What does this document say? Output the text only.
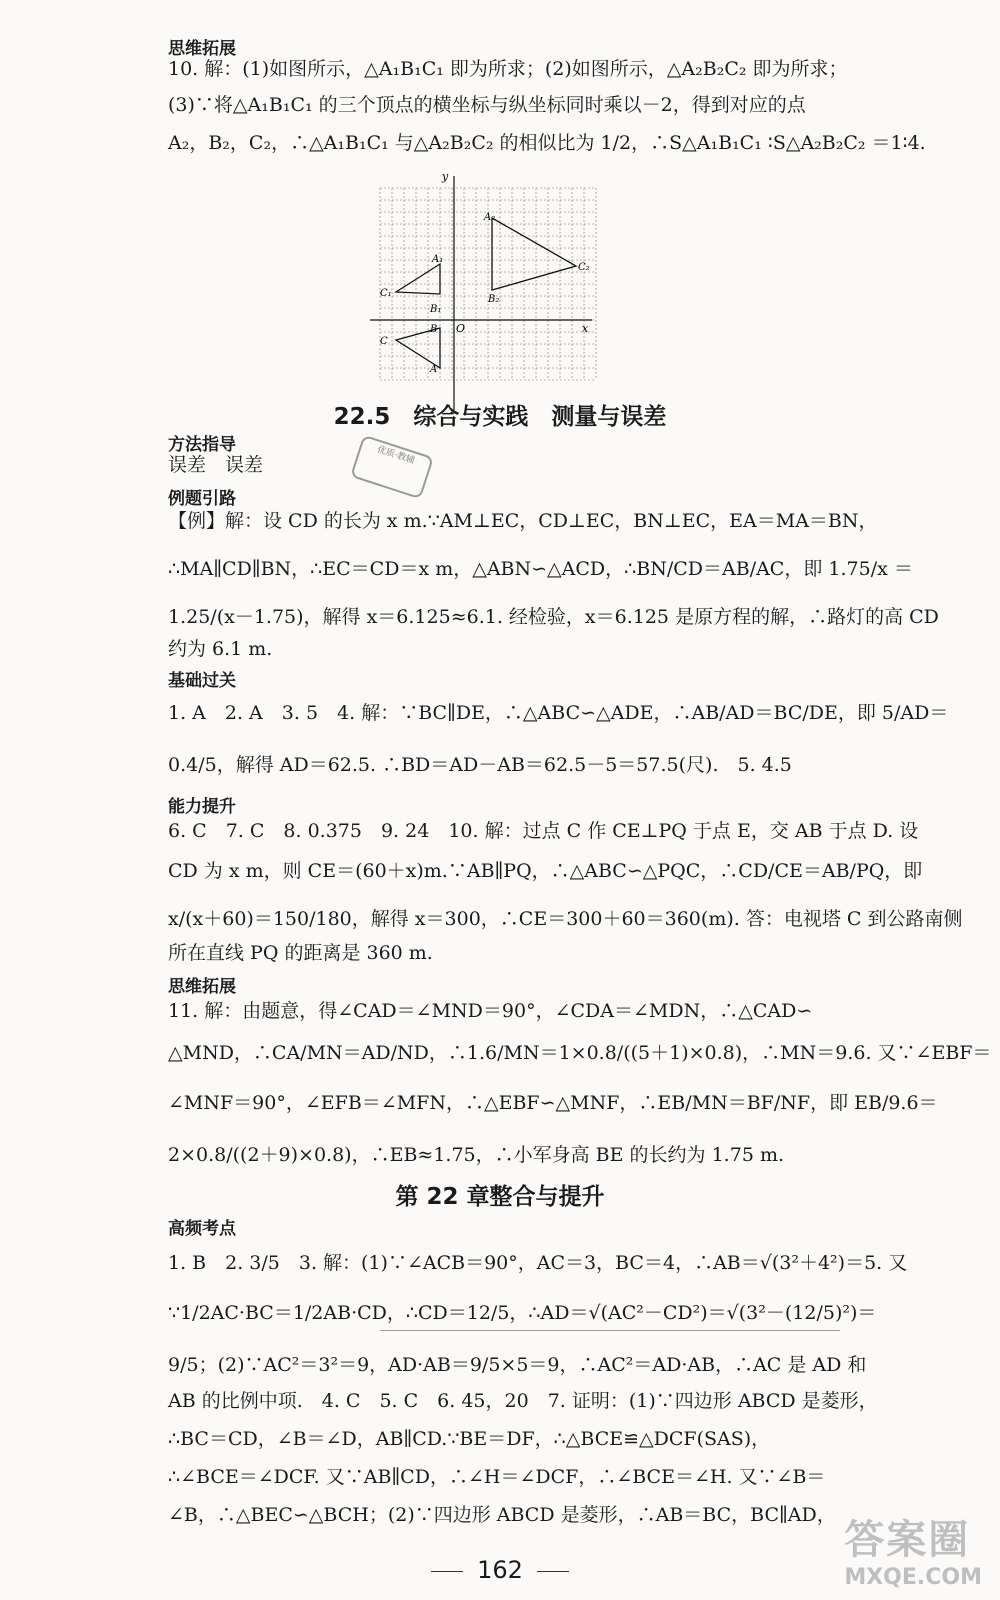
思维拓展
10. 解：(1)如图所示，△A₁B₁C₁ 即为所求；(2)如图所示，△A₂B₂C₂ 即为所求；
(3)∵将△A₁B₁C₁ 的三个顶点的横坐标与纵坐标同时乘以－2，得到对应的点
A₂，B₂，C₂，∴△A₁B₁C₁ 与△A₂B₂C₂ 的相似比为 1/2，∴S△A₁B₁C₁ ∶S△A₂B₂C₂ ＝1∶4.
y
x
O
A₁
B₁
C₁
A₂
B₂
C₂
B
C
A
22.5　综合与实践　测量与误差
方法指导
误差　误差	优质·教辅
例题引路
【例】解：设 CD 的长为 x m.∵AM⊥EC，CD⊥EC，BN⊥EC，EA＝MA＝BN，
∴MA∥CD∥BN，∴EC＝CD＝x m，△ABN∽△ACD，∴BN/CD＝AB/AC，即 1.75/x ＝
1.25/(x－1.75)，解得 x＝6.125≈6.1. 经检验，x＝6.125 是原方程的解，∴路灯的高 CD
约为 6.1 m.
基础过关
1. A　2. A　3. 5　4. 解：∵BC∥DE，∴△ABC∽△ADE，∴AB/AD＝BC/DE，即 5/AD＝
0.4/5，解得 AD＝62.5. ∴BD＝AD－AB＝62.5－5＝57.5(尺).　5. 4.5
能力提升
6. C　7. C　8. 0.375　9. 24　10. 解：过点 C 作 CE⊥PQ 于点 E，交 AB 于点 D. 设
CD 为 x m，则 CE＝(60＋x)m.∵AB∥PQ，∴△ABC∽△PQC，∴CD/CE＝AB/PQ，即
x/(x＋60)＝150/180，解得 x＝300，∴CE＝300＋60＝360(m). 答：电视塔 C 到公路南侧
所在直线 PQ 的距离是 360 m.
思维拓展
11. 解：由题意，得∠CAD＝∠MND＝90°，∠CDA＝∠MDN，∴△CAD∽
△MND，∴CA/MN＝AD/ND，∴1.6/MN＝1×0.8/((5＋1)×0.8)，∴MN＝9.6. 又∵∠EBF＝
∠MNF＝90°，∠EFB＝∠MFN，∴△EBF∽△MNF，∴EB/MN＝BF/NF，即 EB/9.6＝
2×0.8/((2＋9)×0.8)，∴EB≈1.75，∴小军身高 BE 的长约为 1.75 m.
第 22 章整合与提升
高频考点
1. B　2. 3/5　3. 解：(1)∵∠ACB＝90°，AC＝3，BC＝4，∴AB＝√(3²＋4²)＝5. 又
∵1/2AC·BC＝1/2AB·CD，∴CD＝12/5，∴AD＝√(AC²－CD²)＝√(3²－(12/5)²)＝
9/5；(2)∵AC²＝3²＝9，AD·AB＝9/5×5＝9，∴AC²＝AD·AB，∴AC 是 AD 和
AB 的比例中项.　4. C　5. C　6. 45，20　7. 证明：(1)∵四边形 ABCD 是菱形，
∴BC＝CD，∠B＝∠D，AB∥CD.∵BE＝DF，∴△BCE≌△DCF(SAS)，
∴∠BCE＝∠DCF. 又∵AB∥CD，∴∠H＝∠DCF，∴∠BCE＝∠H. 又∵∠B＝
∠B，∴△BEC∽△BCH；(2)∵四边形 ABCD 是菱形，∴AB＝BC，BC∥AD，
162
答案圈
MXQE.COM
